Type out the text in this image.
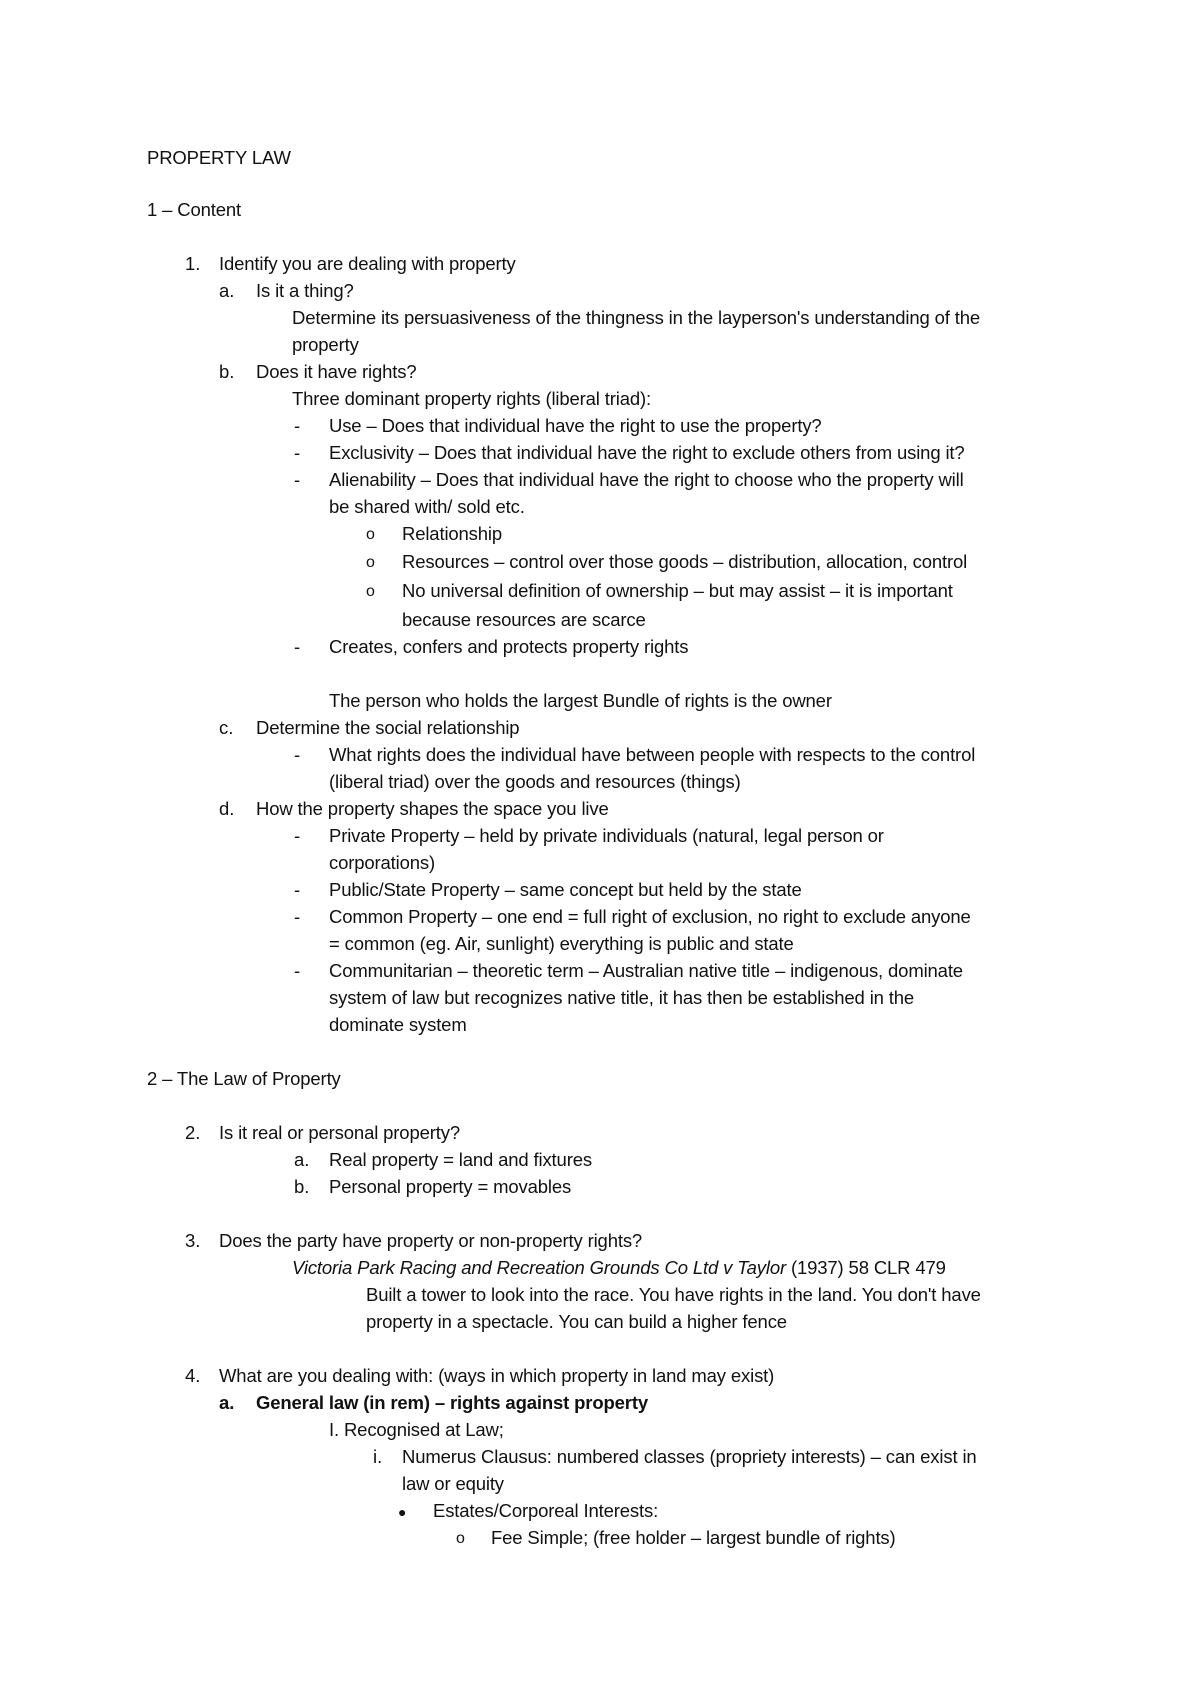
PROPERTY LAW
1 – Content
1. Identify you are dealing with property
a. Is it a thing?
Determine its persuasiveness of the thingness in the layperson's understanding of the
property
b. Does it have rights?
Three dominant property rights (liberal triad):
- Use – Does that individual have the right to use the property?
- Exclusivity – Does that individual have the right to exclude others from using it?
- Alienability – Does that individual have the right to choose who the property will
be shared with/ sold etc.
o Relationship
o Resources – control over those goods – distribution, allocation, control
o No universal definition of ownership – but may assist – it is important
because resources are scarce
- Creates, confers and protects property rights
The person who holds the largest Bundle of rights is the owner
c. Determine the social relationship
- What rights does the individual have between people with respects to the control
(liberal triad) over the goods and resources (things)
d. How the property shapes the space you live
- Private Property – held by private individuals (natural, legal person or
corporations)
- Public/State Property – same concept but held by the state
- Common Property – one end = full right of exclusion, no right to exclude anyone
= common (eg. Air, sunlight) everything is public and state
- Communitarian – theoretic term – Australian native title – indigenous, dominate
system of law but recognizes native title, it has then be established in the
dominate system
2 – The Law of Property
2. Is it real or personal property?
a. Real property = land and fixtures
b. Personal property = movables
3. Does the party have property or non-property rights?
Victoria Park Racing and Recreation Grounds Co Ltd v Taylor (1937) 58 CLR 479
Built a tower to look into the race. You have rights in the land. You don't have
property in a spectacle. You can build a higher fence
4. What are you dealing with: (ways in which property in land may exist)
a. General law (in rem) – rights against property
I. Recognised at Law;
i. Numerus Clausus: numbered classes (propriety interests) – can exist in
law or equity
● Estates/Corporeal Interests:
o Fee Simple; (free holder – largest bundle of rights)
